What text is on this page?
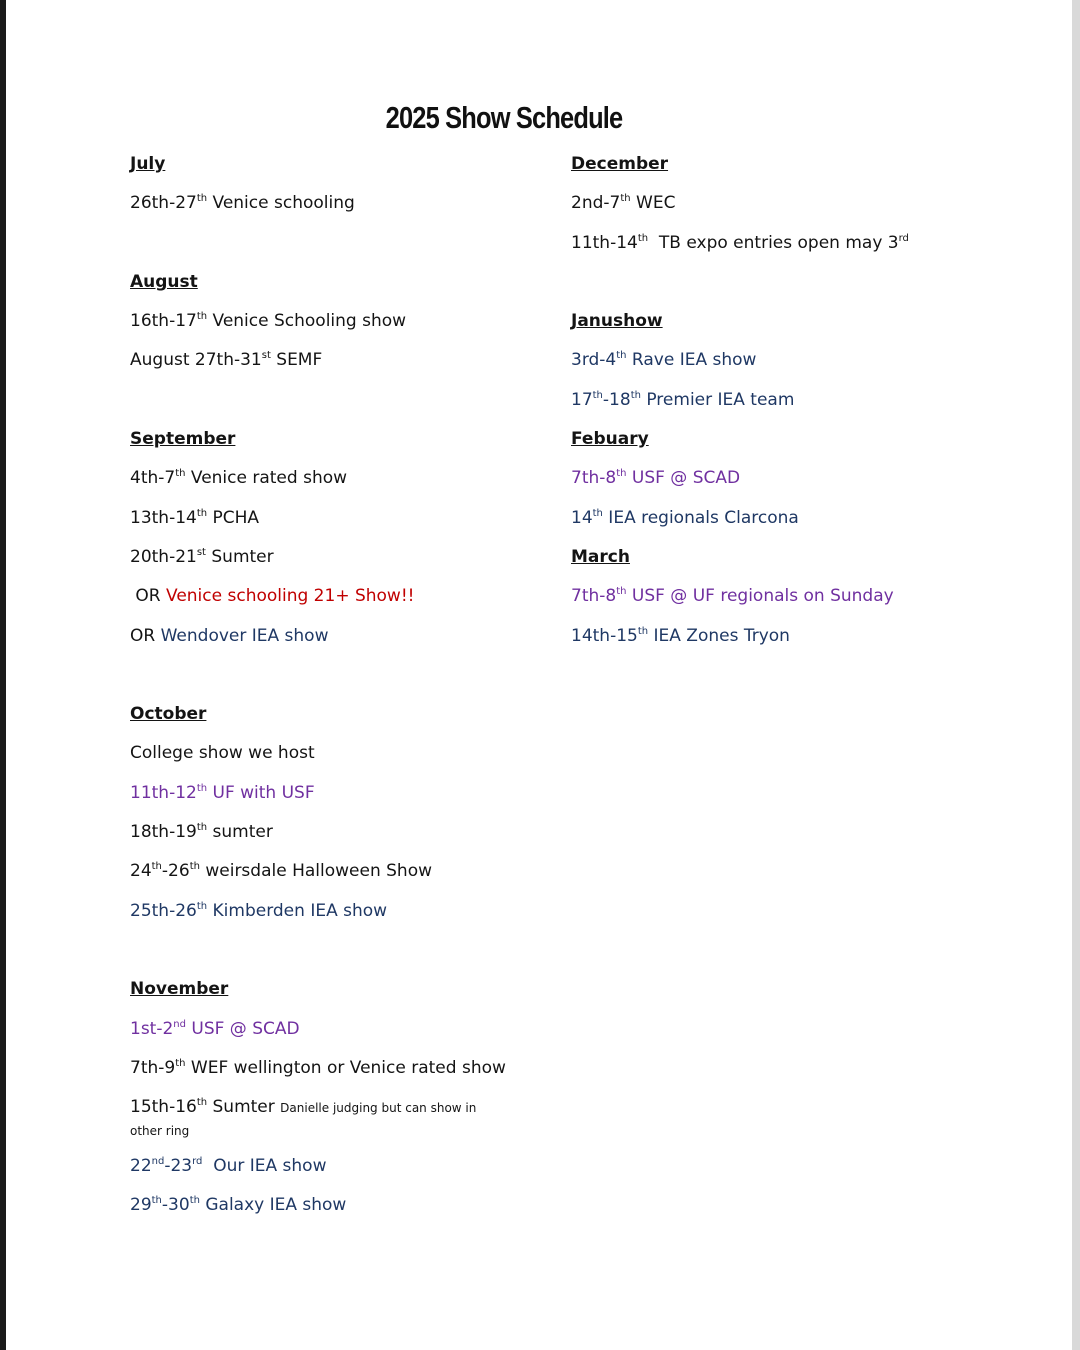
2025 Show Schedule
July
26th-27th Venice schooling
August
16th-17th Venice Schooling show
August 27th-31st SEMF
September
4th-7th Venice rated show
13th-14th PCHA
20th-21st Sumter
OR Venice schooling 21+ Show!!
OR Wendover IEA show
October
College show we host
11th-12th UF with USF
18th-19th sumter
24th-26th weirsdale Halloween Show
25th-26th Kimberden IEA show
November
1st-2nd USF @ SCAD
7th-9th WEF wellington or Venice rated show
15th-16th Sumter Danielle judging but can show in other ring
22nd-23rd  Our IEA show
29th-30th Galaxy IEA show
December
2nd-7th WEC
11th-14th  TB expo entries open may 3rd
Janushow
3rd-4th Rave IEA show
17th-18th Premier IEA team
Febuary
7th-8th USF @ SCAD
14th IEA regionals Clarcona
March
7th-8th USF @ UF regionals on Sunday
14th-15th IEA Zones Tryon
